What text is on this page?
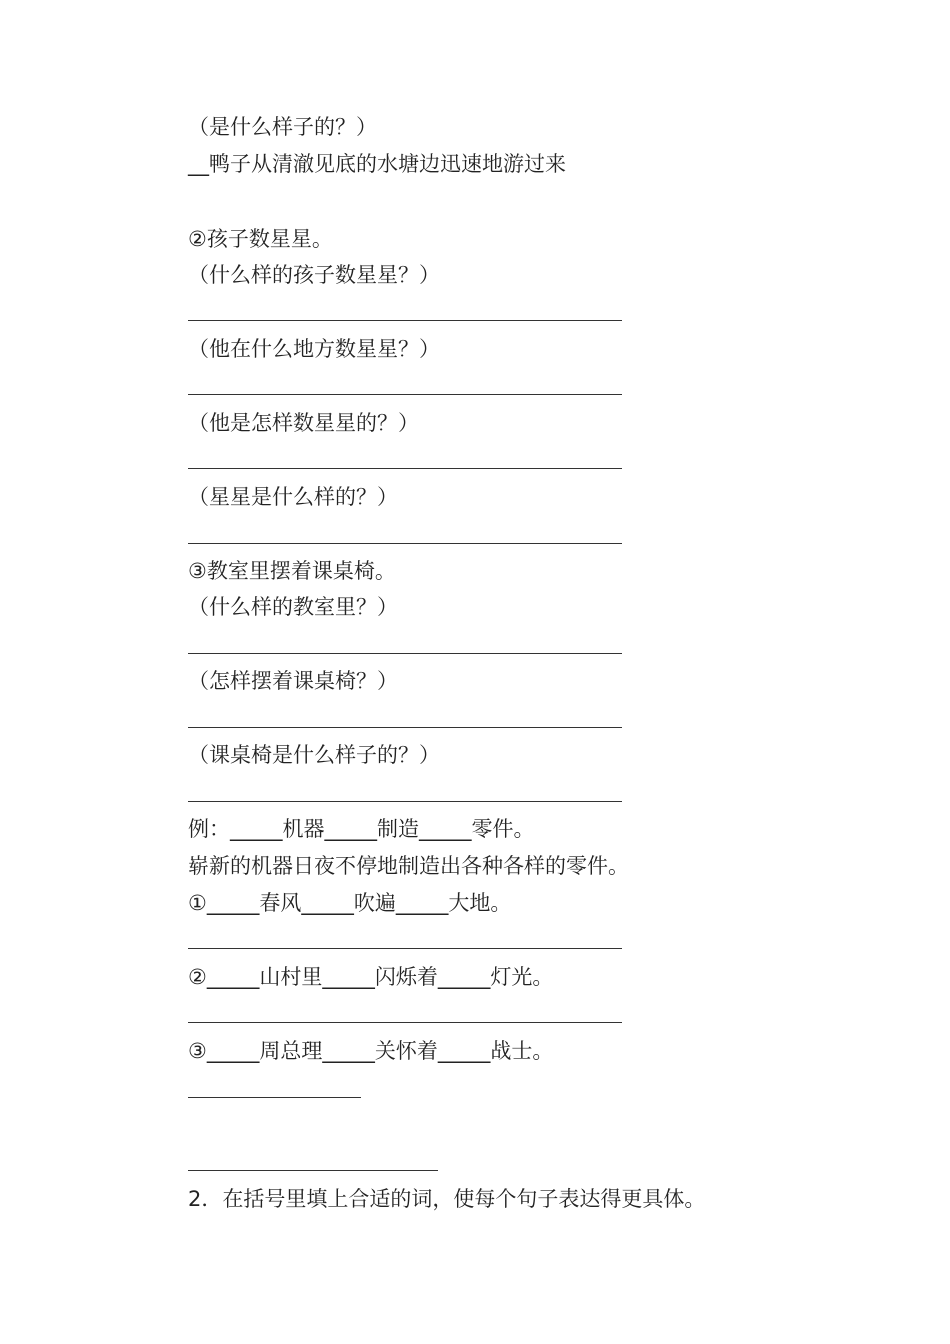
（是什么样子的？）
__鸭子从清澈见底的水塘边迅速地游过来
②孩子数星星。
（什么样的孩子数星星？）
（他在什么地方数星星？）
（他是怎样数星星的？）
（星星是什么样的？）
③教室里摆着课桌椅。
（什么样的教室里？）
（怎样摆着课桌椅？）
（课桌椅是什么样子的？）
例：_____机器_____制造_____零件。
崭新的机器日夜不停地制造出各种各样的零件。
①_____春风_____吹遍_____大地。
②_____山村里_____闪烁着_____灯光。
③_____周总理_____关怀着_____战士。
2．在括号里填上合适的词，使每个句子表达得更具体。
